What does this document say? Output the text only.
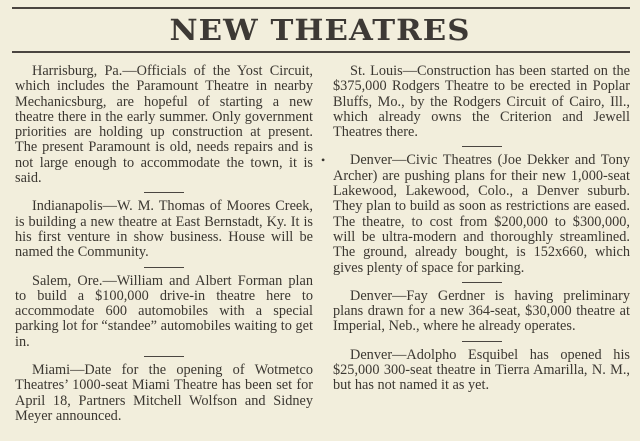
NEW THEATRES

Harrisburg, Pa.—Officials of the Yost Circuit, which includes the Paramount Theatre in nearby Mechanicsburg, are hopeful of starting a new theatre there in the early summer. Only government priorities are holding up construction at present. The present Paramount is old, needs repairs and is not large enough to accommodate the town, it is said.

Indianapolis—W. M. Thomas of Moores Creek, is building a new theatre at East Bernstadt, Ky. It is his first venture in show business. House will be named the Community.

Salem, Ore.—William and Albert Forman plan to build a $100,000 drive-in theatre here to accommodate 600 automobiles with a special parking lot for “standee” automobiles waiting to get in.

Miami—Date for the opening of Wotmetco Theatres’ 1000-seat Miami Theatre has been set for April 18, Partners Mitchell Wolfson and Sidney Meyer announced.

St. Louis—Construction has been started on the $375,000 Rodgers Theatre to be erected in Poplar Bluffs, Mo., by the Rodgers Circuit of Cairo, Ill., which already owns the Criterion and Jewell Theatres there.

•	Denver—Civic Theatres (Joe Dekker and Tony Archer) are pushing plans for their new 1,000-seat Lakewood, Lakewood, Colo., a Denver suburb. They plan to build as soon as restrictions are eased. The theatre, to cost from $200,000 to $300,000, will be ultra-modern and thoroughly streamlined. The ground, already bought, is 152x660, which gives plenty of space for parking.

Denver—Fay Gerdner is having preliminary plans drawn for a new 364-seat, $30,000 theatre at Imperial, Neb., where he already operates.

Denver—Adolpho Esquibel has opened his $25,000 300-seat theatre in Tierra Amarilla, N. M., but has not named it as yet.
